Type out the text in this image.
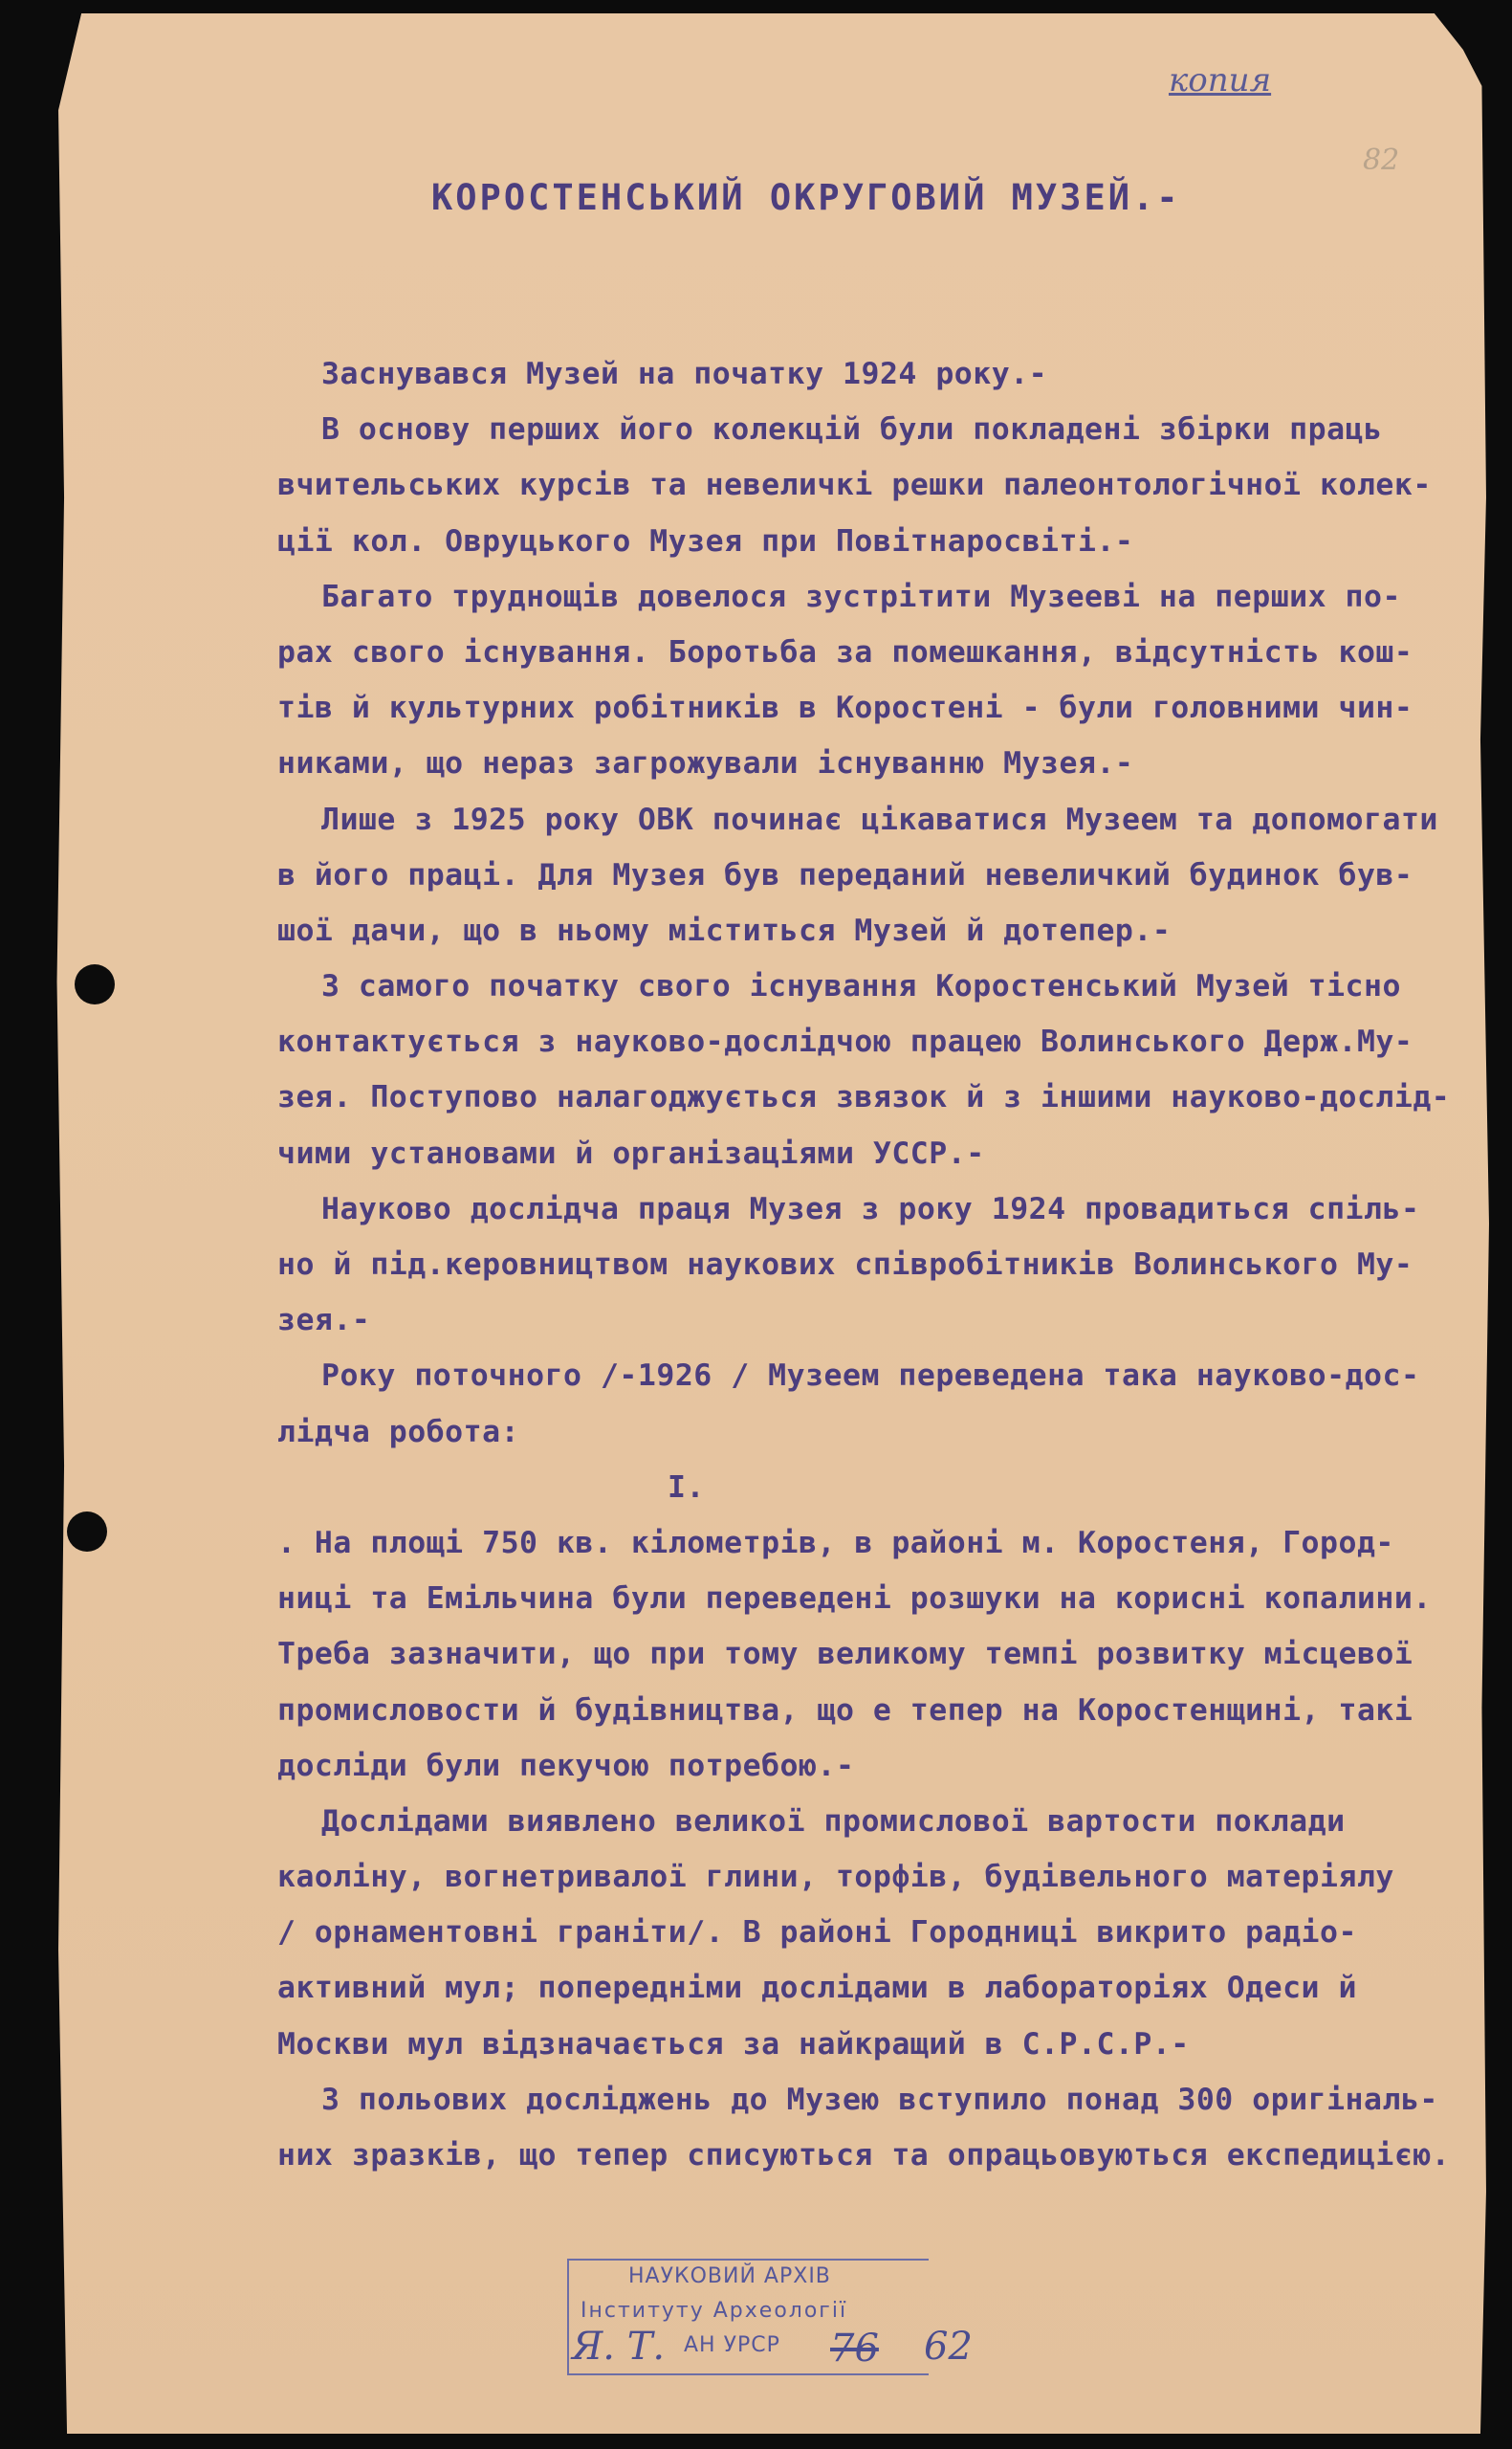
копия
82
КОРОСТЕНСЬКИЙ ОКРУГОВИЙ МУЗЕЙ.-
Заснувався Музей на початку 1924 року.-
В основу перших його колекцій були покладені збірки праць
вчительських курсів та невеличкі решки палеонтологічної колек-
ції кол. Овруцького Музея при Повітнаросвіті.-
Багато труднощів довелося зустрітити Музееві на перших по-
рах свого існування. Боротьба за помешкання, відсутність кош-
тів й культурних робітників в Коростені - були головними чин-
никами, що нераз загрожували існуванню Музея.-
Лише з 1925 року ОВК починає цікаватися Музеем та допомогати
в його праці. Для Музея був переданий невеличкий будинок був-
шої дачи, що в ньому міститься Музей й дотепер.-
З самого початку свого існування Коростенський Музей тісно
контактується з науково-дослідчою працею Волинського Держ.Му-
зея. Поступово налагоджується звязок й з іншими науково-дослід-
чими установами й організаціями УССР.-
Науково дослідча праця Музея з року 1924 провадиться спіль-
но й під.керовництвом наукових співробітників Волинського Му-
зея.-
Року поточного /-1926 / Музеем переведена така науково-дос-
лідча робота:
I.
. На площі 750 кв. кілометрів, в районі м. Коростеня, Город-
ниці та Емільчина були переведені розшуки на корисні копалини.
Треба зазначити, що при тому великому темпі розвитку місцевої
промисловости й будівництва, що е тепер на Коростенщині, такі
досліди були пекучою потребою.-
Дослідами виявлено великої промислової вартости поклади
каоліну, вогнетривалої глини, торфів, будівельного матеріялу
/ орнаментовні граніти/. В районі Городниці викрито радіо-
активний мул; попередніми дослідами в лабораторіях Одеси й
Москви мул відзначається за найкращий в С.Р.С.Р.-
З польових досліджень до Музею вступило понад 300 оригіналь-
них зразків, що тепер списуються та опрацьовуються експедицією.
НАУКОВИЙ АРХІВ
Інституту Археології
АН УРСР
Я. Т.	76 62
